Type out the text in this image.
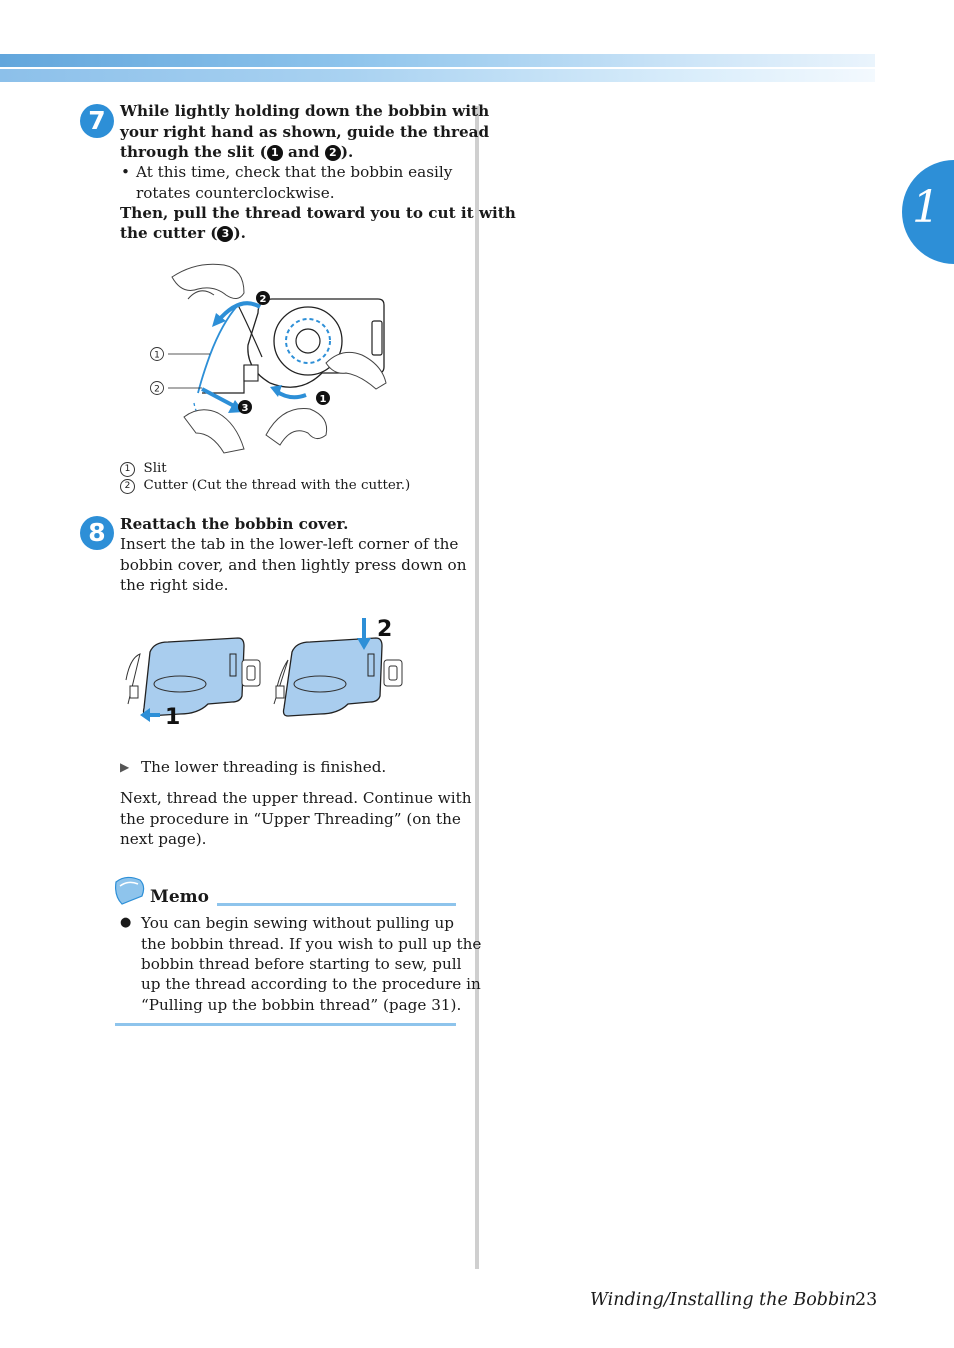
1
7 While lightly holding down the bobbin with
your right hand as shown, guide the thread
through the slit ( 1 and 2 ).
• At this time, check that the bobbin easily
rotates counterclockwise.
Then, pull the thread toward you to cut it with
the cutter ( 3 ).
2
3
1
1
2
1 Slit
2 Cutter (Cut the thread with the cutter.)
8 Reattach the bobbin cover.
Insert the tab in the lower-left corner of the
bobbin cover, and then lightly press down on
the right side.
1
2
▶ The lower threading is finished.
Next, thread the upper thread. Continue with
the procedure in “Upper Threading” (on the
next page).
Memo
● You can begin sewing without pulling up
the bobbin thread. If you wish to pull up the
bobbin thread before starting to sew, pull
up the thread according to the procedure in
“Pulling up the bobbin thread” (page 31).
Winding/Installing the Bobbin
23
